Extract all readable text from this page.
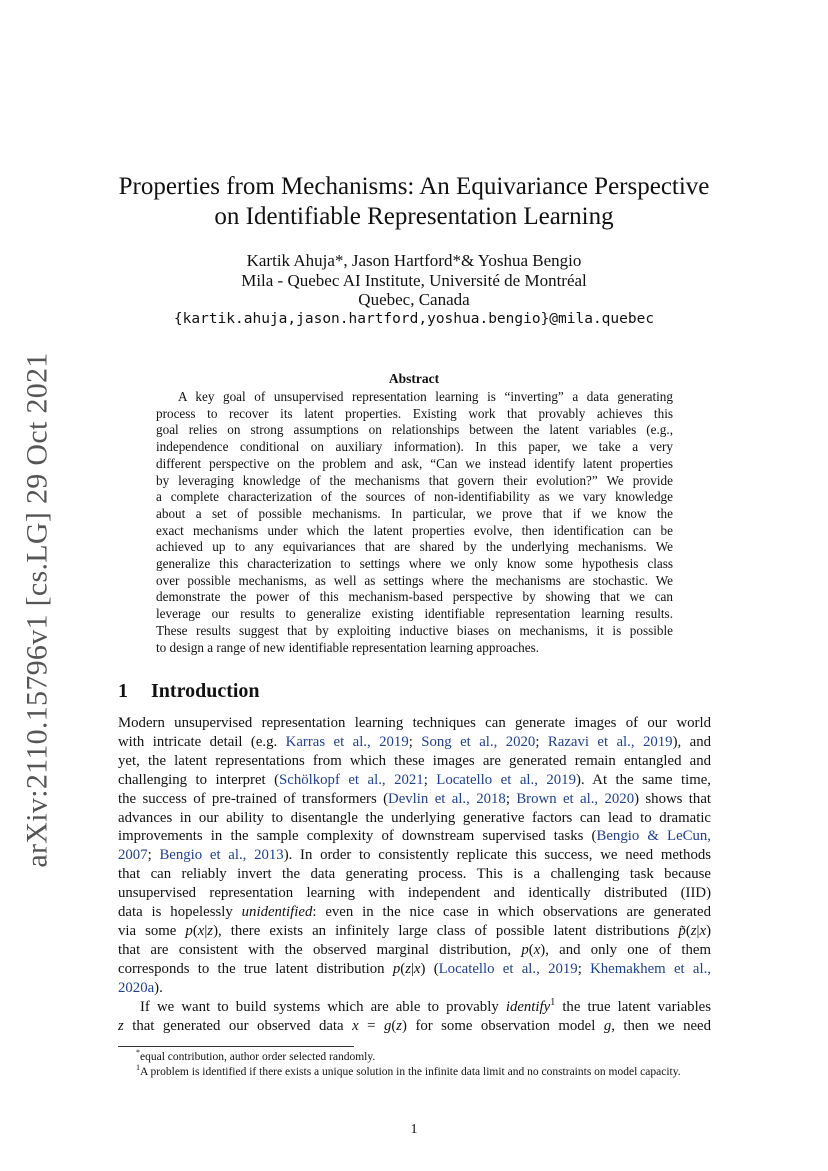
arXiv:2110.15796v1 [cs.LG] 29 Oct 2021
Properties from Mechanisms: An Equivariance Perspective
on Identifiable Representation Learning
Kartik Ahuja*, Jason Hartford*& Yoshua Bengio
Mila - Quebec AI Institute, Université de Montréal
Quebec, Canada
{kartik.ahuja,jason.hartford,yoshua.bengio}@mila.quebec
Abstract
A key goal of unsupervised representation learning is “inverting” a data generating
process to recover its latent properties. Existing work that provably achieves this
goal relies on strong assumptions on relationships between the latent variables (e.g.,
independence conditional on auxiliary information). In this paper, we take a very
different perspective on the problem and ask, “Can we instead identify latent properties
by leveraging knowledge of the mechanisms that govern their evolution?” We provide
a complete characterization of the sources of non-identifiability as we vary knowledge
about a set of possible mechanisms. In particular, we prove that if we know the
exact mechanisms under which the latent properties evolve, then identification can be
achieved up to any equivariances that are shared by the underlying mechanisms. We
generalize this characterization to settings where we only know some hypothesis class
over possible mechanisms, as well as settings where the mechanisms are stochastic. We
demonstrate the power of this mechanism-based perspective by showing that we can
leverage our results to generalize existing identifiable representation learning results.
These results suggest that by exploiting inductive biases on mechanisms, it is possible
to design a range of new identifiable representation learning approaches.
1 Introduction
Modern unsupervised representation learning techniques can generate images of our world
with intricate detail (e.g. Karras et al., 2019; Song et al., 2020; Razavi et al., 2019), and
yet, the latent representations from which these images are generated remain entangled and
challenging to interpret (Schölkopf et al., 2021; Locatello et al., 2019). At the same time,
the success of pre-trained of transformers (Devlin et al., 2018; Brown et al., 2020) shows that
advances in our ability to disentangle the underlying generative factors can lead to dramatic
improvements in the sample complexity of downstream supervised tasks (Bengio & LeCun,
2007; Bengio et al., 2013). In order to consistently replicate this success, we need methods
that can reliably invert the data generating process. This is a challenging task because
unsupervised representation learning with independent and identically distributed (IID)
data is hopelessly unidentified: even in the nice case in which observations are generated
via some p(x|z), there exists an infinitely large class of possible latent distributions p̃(z|x)
that are consistent with the observed marginal distribution, p(x), and only one of them
corresponds to the true latent distribution p(z|x) (Locatello et al., 2019; Khemakhem et al.,
2020a).
If we want to build systems which are able to provably identify$^1$ the true latent variables
z that generated our observed data x = g(z) for some observation model g, then we need
*equal contribution, author order selected randomly.
$^1$A problem is identified if there exists a unique solution in the infinite data limit and no constraints on model capacity.
1
